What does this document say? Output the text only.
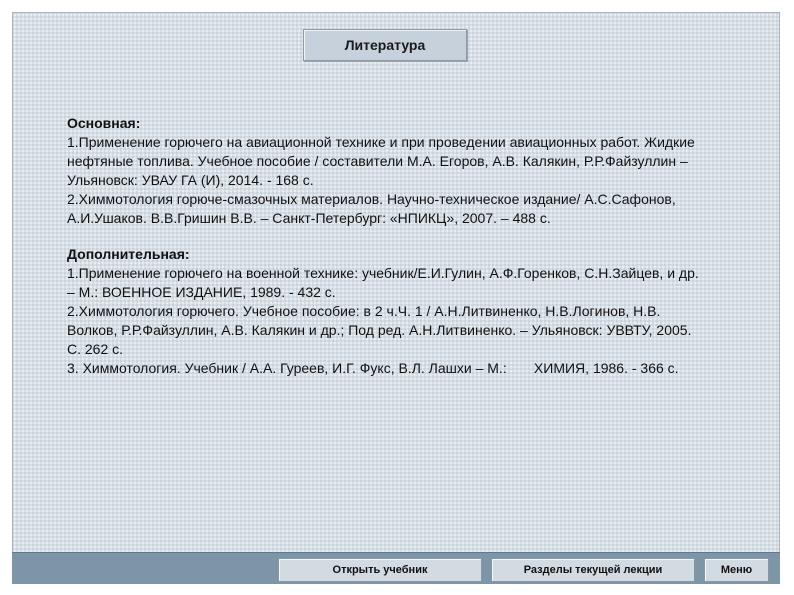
Литература

Основная:

1.Применение горючего на авиационной технике и при проведении авиационных работ. Жидкие нефтяные топлива. Учебное пособие / составители М.А. Егоров, А.В. Калякин, Р.Р.Файзуллин – Ульяновск: УВАУ ГА (И), 2014. - 168 с.

2.Химмотология горюче-смазочных материалов. Научно-техническое издание/ А.С.Сафонов, А.И.Ушаков. В.В.Гришин В.В. – Санкт-Петербург: «НПИКЦ», 2007. – 488 с.

Дополнительная:

1.Применение горючего на военной технике: учебник/Е.И.Гулин, А.Ф.Горенков, С.Н.Зайцев, и др.  – М.: ВОЕННОЕ ИЗДАНИЕ, 1989. - 432 с.

2.Химмотология горючего. Учебное пособие: в 2 ч.Ч. 1 / А.Н.Литвиненко, Н.В.Логинов, Н.В. Волков, Р.Р.Файзуллин, А.В. Калякин и др.; Под ред. А.Н.Литвиненко. – Ульяновск: УВВТУ, 2005. С. 262 с.

3. Химмотология. Учебник / А.А. Гуреев, И.Г. Фукс, В.Л. Лашхи – М.:       ХИМИЯ, 1986. - 366 с.

Открыть учебник	Разделы текущей лекции	Меню
